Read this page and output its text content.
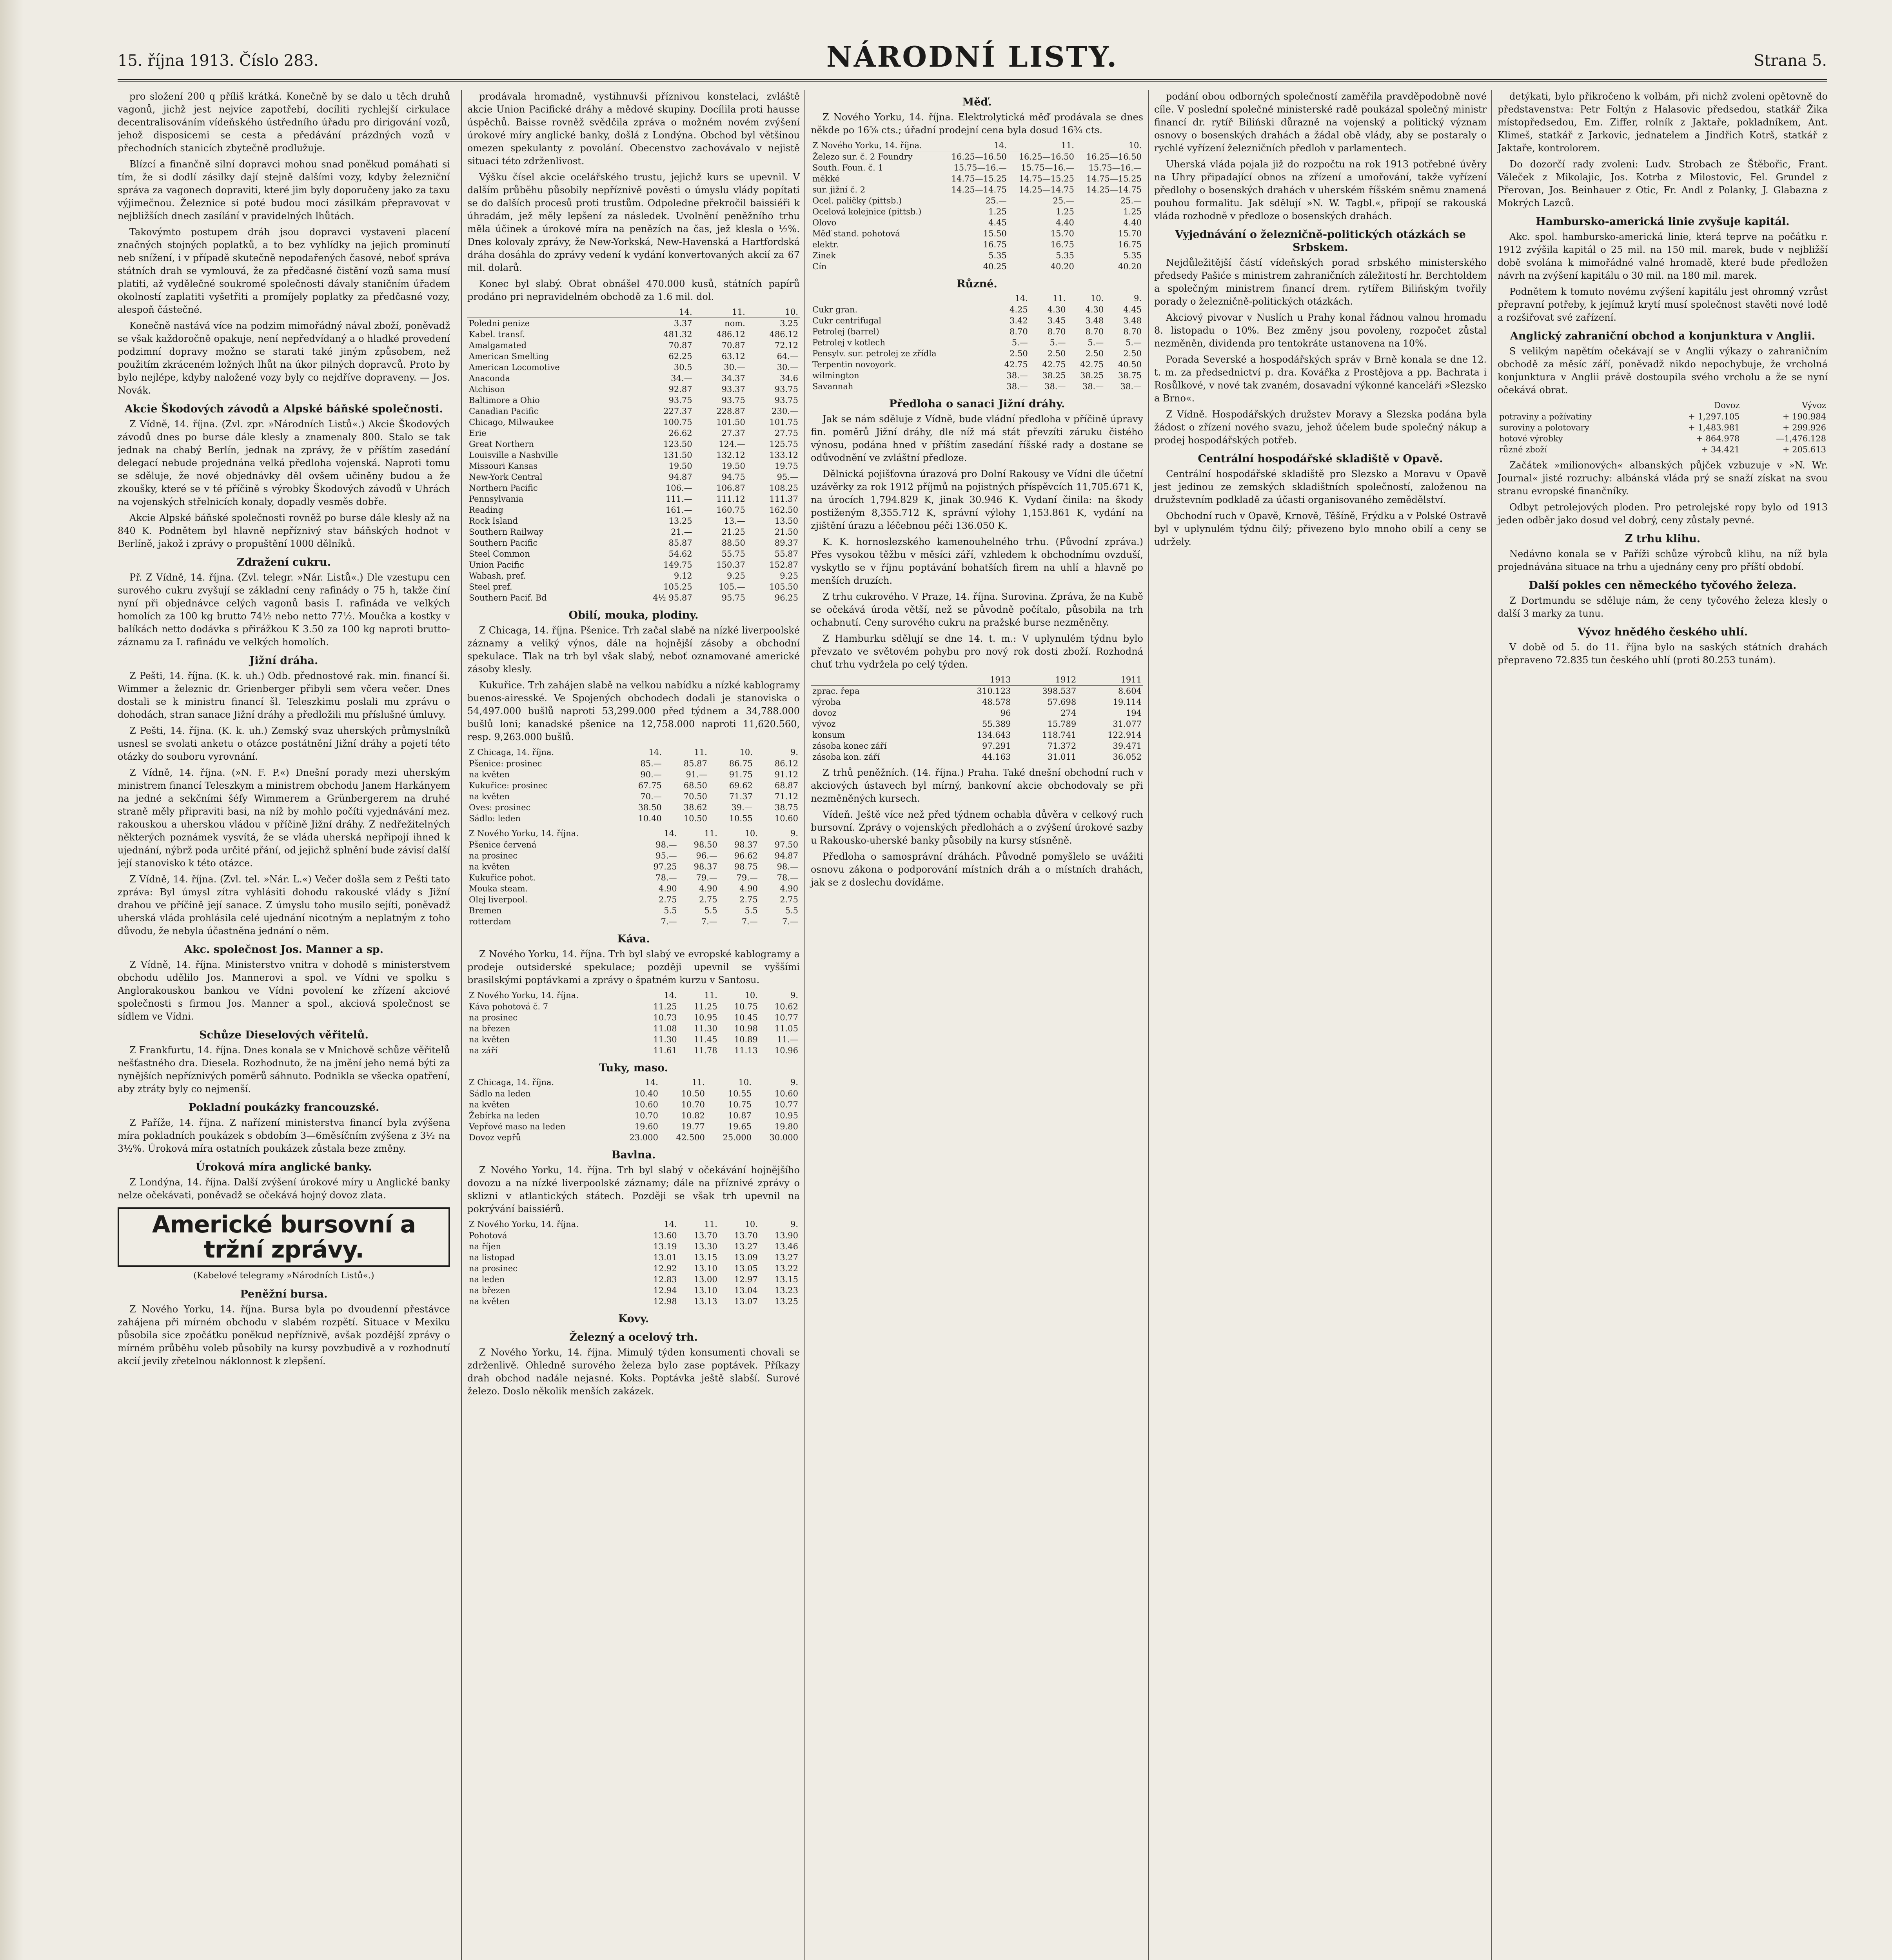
15. října 1913. Číslo 283.	NÁRODNÍ LISTY.	Strana 5.

pro složení 200 q příliš krátká. Konečně by se dalo u těch druhů vagonů, jichž jest nejvíce zapotřebí, docíliti rychlejší cirkulace decentralisováním vídeňského ústředního úřadu pro dirigování vozů, jehož disposicemi se cesta a předávání prázdných vozů v přechodních stanicích zbytečně prodlužuje.

Blízcí a finančně silní dopravci mohou snad poněkud pomáhati si tím, že si dodlí zásilky dají stejně dalšími vozy, kdyby železniční správa za vagonech dopraviti, které jim byly doporučeny jako za taxu výjimečnou. Železnice si poté budou moci zásilkám přepravovat v nejbližších dnech zasílání v pravidelných lhůtách.

Takovýmto postupem dráh jsou dopravci vystaveni placení značných stojných poplatků, a to bez vyhlídky na jejich prominutí neb snížení, i v případě skutečně nepodařených časové, neboť správa státních drah se vymlouvá, že za předčasné čistění vozů sama musí platiti, až vydělečné soukromé společnosti dávaly staničním úřadem okolností zaplatiti vyšetřiti a promíjely poplatky za předčasné vozy, alespoň částečné.

Konečně nastává více na podzim mimořádný nával zboží, poněvadž se však každoročně opakuje, není nepředvídaný a o hladké provedení podzimní dopravy možno se starati také jiným způsobem, než použitím zkráceném ložných lhůt na úkor pilných dopravců. Proto by bylo nejlépe, kdyby naložené vozy byly co nejdříve dopraveny. — Jos. Novák.

Akcie Škodových závodů a Alpské báňské společnosti.

Z Vídně, 14. října. (Zvl. zpr. »Národních Listů«.) Akcie Škodových závodů dnes po burse dále klesly a znamenaly 800. Stalo se tak jednak na chabý Berlín, jednak na zprávy, že v příštím zasedání delegací nebude projednána velká předloha vojenská. Naproti tomu se sděluje, že nové objednávky děl ovšem učiněny budou a že zkoušky, které se v té příčině s výrobky Škodových závodů v Uhrách na vojenských střelnicích konaly, dopadly vesměs dobře.

Akcie Alpské báňské společnosti rovněž po burse dále klesly až na 840 K. Podnětem byl hlavně nepříznivý stav báňských hodnot v Berlíně, jakož i zprávy o propuštění 1000 dělníků.

Zdražení cukru.

Př. Z Vídně, 14. října. (Zvl. telegr. »Nár. Listů«.) Dle vzestupu cen surového cukru zvyšují se základní ceny rafinády o 75 h, takže činí nyní při objednávce celých vagonů basis I. rafináda ve velkých homolích za 100 kg brutto 74½ nebo netto 77½. Moučka a kostky v balíkách netto dodávka s přirážkou K 3.50 za 100 kg naproti brutto-záznamu za I. rafinádu ve velkých homolích.

Jižní dráha.

Z Pešti, 14. října. (K. k. uh.) Odb. přednostové rak. min. financí ši. Wimmer a železnic dr. Grienberger přibyli sem včera večer. Dnes dostali se k ministru financí šl. Teleszkimu poslali mu zprávu o dohodách, stran sanace Jižní dráhy a předložili mu příslušné úmluvy.

Z Pešti, 14. října. (K. k. uh.) Zemský svaz uherských průmyslníků usnesl se svolati anketu o otázce postátnění Jižní dráhy a pojetí této otázky do souboru vyrovnání.

Z Vídně, 14. října. (»N. F. P.«) Dnešní porady mezi uherským ministrem financí Teleszkym a ministrem obchodu Janem Harkányem na jedné a sekčními šéfy Wimmerem a Grünbergerem na druhé straně měly připraviti basi, na níž by mohlo počíti vyjednávání mez. rakouskou a uherskou vládou v příčině Jižní dráhy. Z nedřežitelných některých poznámek vysvítá, že se vláda uherská nepřipojí ihned k ujednání, nýbrž poda určité přání, od jejichž splnění bude závisí další její stanovisko k této otázce.

Z Vídně, 14. října. (Zvl. tel. »Nár. L.«) Večer došla sem z Pešti tato zpráva: Byl úmysl zítra vyhlásiti dohodu rakouské vlády s Jižní drahou ve příčině její sanace. Z úmyslu toho musilo sejíti, poněvadž uherská vláda prohlásila celé ujednání nicotným a neplatným z toho důvodu, že nebyla účastněna jednání o něm.

Akc. společnost Jos. Manner a sp.

Z Vídně, 14. října. Ministerstvo vnitra v dohodě s ministerstvem obchodu udělilo Jos. Mannerovi a spol. ve Vídni ve spolku s Anglorakouskou bankou ve Vídni povolení ke zřízení akciové společnosti s firmou Jos. Manner a spol., akciová společnost se sídlem ve Vídni.

Schůze Dieselových věřitelů.

Z Frankfurtu, 14. října. Dnes konala se v Mnichově schůze věřitelů nešťastného dra. Diesela. Rozhodnuto, že na jmění jeho nemá býti za nynějších nepříznivých poměrů sáhnuto. Podnikla se všecka opatření, aby ztráty byly co nejmenší.

Pokladní poukázky francouzské.

Z Paříže, 14. října. Z nařízení ministerstva financí byla zvýšena míra pokladních poukázek s obdobím 3—6měsíčním zvýšena z 3½ na 3½%. Úroková míra ostatních poukázek zůstala beze změny.

Úroková míra anglické banky.

Z Londýna, 14. října. Další zvýšení úrokové míry u Anglické banky nelze očekávati, poněvadž se očekává hojný dovoz zlata.

Americké bursovní a tržní zprávy.
(Kabelové telegramy »Národních Listů«.)
Peněžní bursa.

Z Nového Yorku, 14. října. Bursa byla po dvoudenní přestávce zahájena při mírném obchodu v slabém rozpětí. Situace v Mexiku působila sice zpočátku poněkud nepříznivě, avšak pozdější zprávy o mírném průběhu voleb působily na kursy povzbudivě a v rozhodnutí akcií jevily zřetelnou náklonnost k zlepšení.

prodávala hromadně, vystihnuvši příznivou konstelaci, zvláště akcie Union Pacifické dráhy a mědové skupiny. Docílila proti hausse úspěchů. Baisse rovněž svědčila zpráva o možném novém zvýšení úrokové míry anglické banky, došlá z Londýna. Obchod byl většinou omezen spekulanty z povolání. Obecenstvo zachovávalo v nejistě situaci této zdrženlivost.

Výšku čísel akcie ocelářského trustu, jejichž kurs se upevnil. V dalším průběhu působily nepříznivě pověsti o úmyslu vlády popítati se do dalších procesů proti trustům. Odpoledne překročil baissiéři k úhradám, jež měly lepšení za následek. Uvolnění peněžního trhu měla účinek a úrokové míra na penězích na čas, jež klesla o ½%. Dnes kolovaly zprávy, že New-Yorkská, New-Havenská a Hartfordská dráha dosáhla do zprávy vedení k vydání konvertovaných akcií za 67 mil. dolarů.

Konec byl slabý. Obrat obnášel 470.000 kusů, státních papírů prodáno pri nepravidelném obchodě za 1.6 mil. dol.

	14.	11.	10.
Poledni penize	3.37	nom.	3.25
Kabel. transf.	481.32	486.12	486.12
Amalgamated	70.87	70.87	72.12
American Smelting	62.25	63.12	64.—
American Locomotive	30.5	30.—	30.—
Anaconda	34.—	34.37	34.6
Atchison	92.87	93.37	93.75
Baltimore a Ohio	93.75	93.75	93.75
Canadian Pacific	227.37	228.87	230.—
Chicago, Milwaukee	100.75	101.50	101.75
Erie	26.62	27.37	27.75
Great Northern	123.50	124.—	125.75
Louisville a Nashville	131.50	132.12	133.12
Missouri Kansas	19.50	19.50	19.75
New-York Central	94.87	94.75	95.—
Northern Pacific	106.—	106.87	108.25
Pennsylvania	111.—	111.12	111.37
Reading	161.—	160.75	162.50
Rock Island	13.25	13.—	13.50
Southern Railway	21.—	21.25	21.50
Southern Pacific	85.87	88.50	89.37
Steel Common	54.62	55.75	55.87
Union Pacific	149.75	150.37	152.87
Wabash, pref.	9.12	9.25	9.25
Steel pref.	105.25	105.—	105.50
Southern Pacif. Bd	4½ 95.87	95.75	96.25
Obilí, mouka, plodiny.

Z Chicaga, 14. října. Pšenice. Trh začal slabě na nízké liverpoolské záznamy a veliký výnos, dále na hojnější zásoby a obchodní spekulace. Tlak na trh byl však slabý, neboť oznamované americké zásoby klesly.

Kukuřice. Trh zahájen slabě na velkou nabídku a nízké kablogramy buenos-airesské. Ve Spojených obchodech dodali je stanoviska o 54,497.000 bušlů naproti 53,299.000 před týdnem a 34,788.000 bušlů loni; kanadské pšenice na 12,758.000 naproti 11,620.560, resp. 9,263.000 bušlů.

Z Chicaga, 14. října.	14.	11.	10.	9.
Pšenice: prosinec	85.—	85.87	86.75	86.12
na květen	90.—	91.—	91.75	91.12
Kukuřice: prosinec	67.75	68.50	69.62	68.87
na květen	70.—	70.50	71.37	71.12
Oves: prosinec	38.50	38.62	39.—	38.75
Sádlo: leden	10.40	10.50	10.55	10.60
Z Nového Yorku, 14. října.	14.	11.	10.	9.
Pšenice červená	98.—	98.50	98.37	97.50
na prosinec	95.—	96.—	96.62	94.87
na květen	97.25	98.37	98.75	98.—
Kukuřice pohot.	78.—	79.—	79.—	78.—
Mouka steam.	4.90	4.90	4.90	4.90
Olej liverpool.	2.75	2.75	2.75	2.75
Bremen	5.5	5.5	5.5	5.5
rotterdam	7.—	7.—	7.—	7.—
Káva.

Z Nového Yorku, 14. října. Trh byl slabý ve evropské kablogramy a prodeje outsiderské spekulace; později upevnil se vyššími brasilskými poptávkami a zprávy o špatném kurzu v Santosu.

Z Nového Yorku, 14. října.	14.	11.	10.	9.
Káva pohotová č. 7	11.25	11.25	10.75	10.62
na prosinec	10.73	10.95	10.45	10.77
na březen	11.08	11.30	10.98	11.05
na květen	11.30	11.45	10.89	11.—
na září	11.61	11.78	11.13	10.96
Tuky, maso.
Z Chicaga, 14. října.	14.	11.	10.	9.
Sádlo na leden	10.40	10.50	10.55	10.60
na květen	10.60	10.70	10.75	10.77
Žebírka na leden	10.70	10.82	10.87	10.95
Vepřové maso na leden	19.60	19.77	19.65	19.80
Dovoz vepřů	23.000	42.500	25.000	30.000
Bavlna.

Z Nového Yorku, 14. října. Trh byl slabý v očekávání hojnějšího dovozu a na nízké liverpoolské záznamy; dále na příznivé zprávy o sklizni v atlantických státech. Později se však trh upevnil na pokrývání baissiérů.

Z Nového Yorku, 14. října.	14.	11.	10.	9.
Pohotová	13.60	13.70	13.70	13.90
na říjen	13.19	13.30	13.27	13.46
na listopad	13.01	13.15	13.09	13.27
na prosinec	12.92	13.10	13.05	13.22
na leden	12.83	13.00	12.97	13.15
na březen	12.94	13.10	13.04	13.23
na květen	12.98	13.13	13.07	13.25
Kovy.
Železný a ocelový trh.

Z Nového Yorku, 14. října. Mimulý týden konsumenti chovali se zdrženlivě. Ohledně surového železa bylo zase poptávek. Příkazy drah obchod nadále nejasné. Koks. Poptávka ještě slabší. Surové železo. Doslo několik menších zakázek.

Měď.

Z Nového Yorku, 14. října. Elektrolytická měď prodávala se dnes někde po 16⁵⁄₈ cts.; úřadní prodejní cena byla dosud 16¾ cts.

Z Nového Yorku, 14. října.	14.	11.	10.
Železo sur. č. 2 Foundry	16.25—16.50	16.25—16.50	16.25—16.50
South. Foun. č. 1	15.75—16.—	15.75—16.—	15.75—16.—
měkké	14.75—15.25	14.75—15.25	14.75—15.25
sur. jižní č. 2	14.25—14.75	14.25—14.75	14.25—14.75
Ocel. paličky (pittsb.)	25.—	25.—	25.—
Ocelová kolejnice (pittsb.)	1.25	1.25	1.25
Olovo	4.45	4.40	4.40
Měď stand. pohotová	15.50	15.70	15.70
elektr.	16.75	16.75	16.75
Zinek	5.35	5.35	5.35
Cín	40.25	40.20	40.20
Různé.
	14.	11.	10.	9.
Cukr gran.	4.25	4.30	4.30	4.45
Cukr centrifugal	3.42	3.45	3.48	3.48
Petrolej (barrel)	8.70	8.70	8.70	8.70
Petrolej v kotlech	5.—	5.—	5.—	5.—
Pensylv. sur. petrolej ze zřídla	2.50	2.50	2.50	2.50
Terpentin novoyork.	42.75	42.75	42.75	40.50
wilmington	38.—	38.25	38.25	38.75
Savannah	38.—	38.—	38.—	38.—
Předloha o sanaci Jižní dráhy.

Jak se nám sděluje z Vídně, bude vládní předloha v příčině úpravy fin. poměrů Jižní dráhy, dle níž má stát převzíti záruku čistého výnosu, podána hned v příštím zasedání říšské rady a dostane se odůvodnění ve zvláštní předloze.

Dělnická pojišťovna úrazová pro Dolní Rakousy ve Vídni dle účetní uzávěrky za rok 1912 příjmů na pojistných příspěvcích 11,705.671 K, na úrocích 1,794.829 K, jinak 30.946 K. Vydaní činila: na škody postiženým 8,355.712 K, správní výlohy 1,153.861 K, vydání na zjištění úrazu a léčebnou péči 136.050 K.

K. K. hornoslezského kamenouhelného trhu. (Původní zpráva.) Přes vysokou těžbu v měsíci září, vzhledem k obchodnímu ovzduší, vyskytlo se v říjnu poptávání bohatších firem na uhlí a hlavně po menších druzích.

Z trhu cukrového. V Praze, 14. října. Surovina. Zpráva, že na Kubě se očekává úroda větší, než se původně počítalo, působila na trh ochabnutí. Ceny surového cukru na pražské burse nezměněny.

Z Hamburku sdělují se dne 14. t. m.: V uplynulém týdnu bylo převzato ve světovém pohybu pro nový rok dosti zboží. Rozhodná chuť trhu vydržela po celý týden.

	1913	1912	1911
zprac. řepa	310.123	398.537	8.604
výroba	48.578	57.698	19.114
dovoz	96	274	194
vývoz	55.389	15.789	31.077
konsum	134.643	118.741	122.914
zásoba konec září	97.291	71.372	39.471
zásoba kon. září	44.163	31.011	36.052

Z trhů peněžních. (14. října.) Praha. Také dnešní obchodní ruch v akciových ústavech byl mírný, bankovní akcie obchodovaly se při nezměněných kursech.

Vídeň. Ještě více než před týdnem ochabla důvěra v celkový ruch bursovní. Zprávy o vojenských předlohách a o zvýšení úrokové sazby u Rakousko-uherské banky působily na kursy stísněně.

Předloha o samosprávní dráhách. Původně pomyšlelo se uvážiti osnovu zákona o podporování místních dráh a o místních drahách, jak se z doslechu dovídáme.

podání obou odborných společností zaměřila pravděpodobně nové cíle. V poslední společné ministerské radě poukázal společný ministr financí dr. rytíř Biliński důrazně na vojenský a politický význam osnovy o bosenských drahách a žádal obě vlády, aby se postaraly o rychlé vyřízení železničních předloh v parlamentech.

Uherská vláda pojala již do rozpočtu na rok 1913 potřebné úvěry na Uhry připadající obnos na zřízení a umořování, takže vyřízení předlohy o bosenských drahách v uherském říšském sněmu znamená pouhou formalitu. Jak sdělují »N. W. Tagbl.«, připojí se rakouská vláda rozhodně v předloze o bosenských drahách.

Vyjednávání o železničně-politických otázkách se Srbskem.

Nejdůležitější částí vídeňských porad srbského ministerského předsedy Pašiće s ministrem zahraničních záležitostí hr. Berchtoldem a společným ministrem financí drem. rytířem Bilińským tvořily porady o železničně-politických otázkách.

Akciový pivovar v Nuslích u Prahy konal řádnou valnou hromadu 8. listopadu o 10%. Bez změny jsou povoleny, rozpočet zůstal nezměněn, dividenda pro tentokráte ustanovena na 10%.

Porada Severské a hospodářských správ v Brně konala se dne 12. t. m. za předsednictví p. dra. Kovářka z Prostějova a pp. Bachrata i Rosůlkové, v nové tak zvaném, dosavadní výkonné kanceláři »Slezsko a Brno«.

Z Vídně. Hospodářských družstev Moravy a Slezska podána byla žádost o zřízení nového svazu, jehož účelem bude společný nákup a prodej hospodářských potřeb.

Centrální hospodářské skladiště v Opavě.

Centrální hospodářské skladiště pro Slezsko a Moravu v Opavě jest jedinou ze zemských skladištních společností, založenou na družstevním podkladě za účasti organisovaného zemědělství.

Obchodní ruch v Opavě, Krnově, Těšíně, Frýdku a v Polské Ostravě byl v uplynulém týdnu čilý; přivezeno bylo mnoho obilí a ceny se udržely.

detýkati, bylo přikročeno k volbám, při nichž zvoleni opětovně do představenstva: Petr Foltýn z Halasovic předsedou, statkář Žika místopředsedou, Em. Ziffer, rolník z Jaktaře, pokladníkem, Ant. Klimeš, statkář z Jarkovic, jednatelem a Jindřich Kotrš, statkář z Jaktaře, kontrolorem.

Do dozorčí rady zvoleni: Ludv. Strobach ze Štěbořic, Frant. Váleček z Mikolajic, Jos. Kotrba z Milostovic, Fel. Grundel z Přerovan, Jos. Beinhauer z Otic, Fr. Andl z Polanky, J. Glabazna z Mokrých Lazců.

Hambursko-americká linie zvyšuje kapitál.

Akc. spol. hambursko-americká linie, která teprve na počátku r. 1912 zvýšila kapitál o 25 mil. na 150 mil. marek, bude v nejbližší době svolána k mimořádné valné hromadě, které bude předložen návrh na zvýšení kapitálu o 30 mil. na 180 mil. marek.

Podnětem k tomuto novému zvýšení kapitálu jest ohromný vzrůst přepravní potřeby, k jejímuž krytí musí společnost stavěti nové lodě a rozšiřovat své zařízení.

Anglický zahraniční obchod a konjunktura v Anglii.

S velikým napětím očekávají se v Anglii výkazy o zahraničním obchodě za měsíc září, poněvadž nikdo nepochybuje, že vrcholná konjunktura v Anglii právě dostoupila svého vrcholu a že se nyní očekává obrat.

	Dovoz	Vývoz
potraviny a požívatiny	+ 1,297.105	+ 190.984
suroviny a polotovary	+ 1,483.981	+ 299.926
hotové výrobky	+ 864.978	—1,476.128
různé zboží	+ 34.421	+ 205.613

Začátek »milionových« albanských půjček vzbuzuje v »N. Wr. Journal« jisté rozruchy: albánská vláda prý se snaží získat na svou stranu evropské finančníky.

Odbyt petrolejových ploden. Pro petrolejské ropy bylo od 1913 jeden odběr jako dosud vel dobrý, ceny zůstaly pevné.

Z trhu klihu.

Nedávno konala se v Paříži schůze výrobců klihu, na níž byla projednávána situace na trhu a ujednány ceny pro příští období.

Další pokles cen německého tyčového železa.

Z Dortmundu se sděluje nám, že ceny tyčového železa klesly o další 3 marky za tunu.

Vývoz hnědého českého uhlí.

V době od 5. do 11. října bylo na saských státních drahách přepraveno 72.835 tun českého uhlí (proti 80.253 tunám).
